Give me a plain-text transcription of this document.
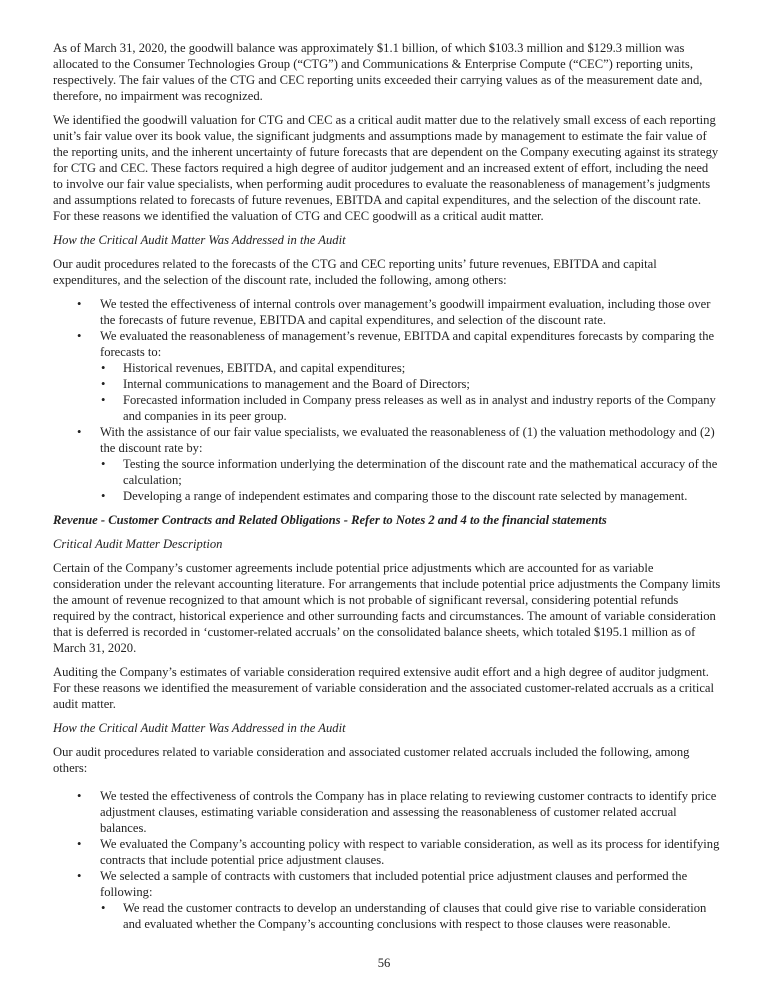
As of March 31, 2020, the goodwill balance was approximately $1.1 billion, of which $103.3 million and $129.3 million was allocated to the Consumer Technologies Group (“CTG”) and Communications & Enterprise Compute (“CEC”) reporting units, respectively. The fair values of the CTG and CEC reporting units exceeded their carrying values as of the measurement date and, therefore, no impairment was recognized.

We identified the goodwill valuation for CTG and CEC as a critical audit matter due to the relatively small excess of each reporting unit’s fair value over its book value, the significant judgments and assumptions made by management to estimate the fair value of the reporting units, and the inherent uncertainty of future forecasts that are dependent on the Company executing against its strategy for CTG and CEC. These factors required a high degree of auditor judgement and an increased extent of effort, including the need to involve our fair value specialists, when performing audit procedures to evaluate the reasonableness of management’s judgments and assumptions related to forecasts of future revenues, EBITDA and capital expenditures, and the selection of the discount rate. For these reasons we identified the valuation of CTG and CEC goodwill as a critical audit matter.

How the Critical Audit Matter Was Addressed in the Audit

Our audit procedures related to the forecasts of the CTG and CEC reporting units’ future revenues, EBITDA and capital expenditures, and the selection of the discount rate, included the following, among others:

• We tested the effectiveness of internal controls over management’s goodwill impairment evaluation, including those over the forecasts of future revenue, EBITDA and capital expenditures, and selection of the discount rate.
• We evaluated the reasonableness of management’s revenue, EBITDA and capital expenditures forecasts by comparing the forecasts to:
• Historical revenues, EBITDA, and capital expenditures;
• Internal communications to management and the Board of Directors;
• Forecasted information included in Company press releases as well as in analyst and industry reports of the Company and companies in its peer group.
• With the assistance of our fair value specialists, we evaluated the reasonableness of (1) the valuation methodology and (2) the discount rate by:
• Testing the source information underlying the determination of the discount rate and the mathematical accuracy of the calculation;
• Developing a range of independent estimates and comparing those to the discount rate selected by management.

Revenue - Customer Contracts and Related Obligations - Refer to Notes 2 and 4 to the financial statements

Critical Audit Matter Description

Certain of the Company’s customer agreements include potential price adjustments which are accounted for as variable consideration under the relevant accounting literature. For arrangements that include potential price adjustments the Company limits the amount of revenue recognized to that amount which is not probable of significant reversal, considering potential refunds required by the contract, historical experience and other surrounding facts and circumstances. The amount of variable consideration that is deferred is recorded in ‘customer-related accruals’ on the consolidated balance sheets, which totaled $195.1 million as of March 31, 2020.

Auditing the Company’s estimates of variable consideration required extensive audit effort and a high degree of auditor judgment. For these reasons we identified the measurement of variable consideration and the associated customer-related accruals as a critical audit matter.

How the Critical Audit Matter Was Addressed in the Audit

Our audit procedures related to variable consideration and associated customer related accruals included the following, among others:

• We tested the effectiveness of controls the Company has in place relating to reviewing customer contracts to identify price adjustment clauses, estimating variable consideration and assessing the reasonableness of customer related accrual balances.
• We evaluated the Company’s accounting policy with respect to variable consideration, as well as its process for identifying contracts that include potential price adjustment clauses.
• We selected a sample of contracts with customers that included potential price adjustment clauses and performed the following:
• We read the customer contracts to develop an understanding of clauses that could give rise to variable consideration and evaluated whether the Company’s accounting conclusions with respect to those clauses were reasonable.
56
